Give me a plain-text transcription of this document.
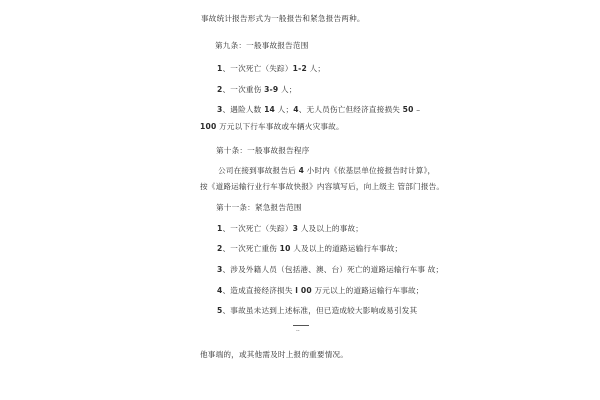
事故统计报告形式为一般报告和紧急报告两种。
第九条：一般事故报告范围
1、一次死亡（失踪）1-2 人；
2、一次重伤 3-9 人；
3、遇险人数 14 人；4、无人员伤亡但经济直接损失 50 –
100 万元以下行车事故或车辆火灾事故。
第十条：一般事故报告程序
公司在接到事故报告后 4 小时内《依基层单位接报告时计算》，
按《道路运输行业行车事故快报》内容填写后，向上级主 管部门报告。
第十一条：紧急报告范围
1、一次死亡（失踪）3 人及以上的事故；
2、一次死亡重伤 10 人及以上的道路运输行车事故；
3、涉及外籍人员（包括港、澳、台）死亡的道路运输行车事 故；
4、造成直接经济损失 l 00 万元以上的道路运输行车事故；
5、事故虽未达到上述标准，但已造成较大影响或易引发其
--
他事端的，或其他需及时上报的重要情况。
